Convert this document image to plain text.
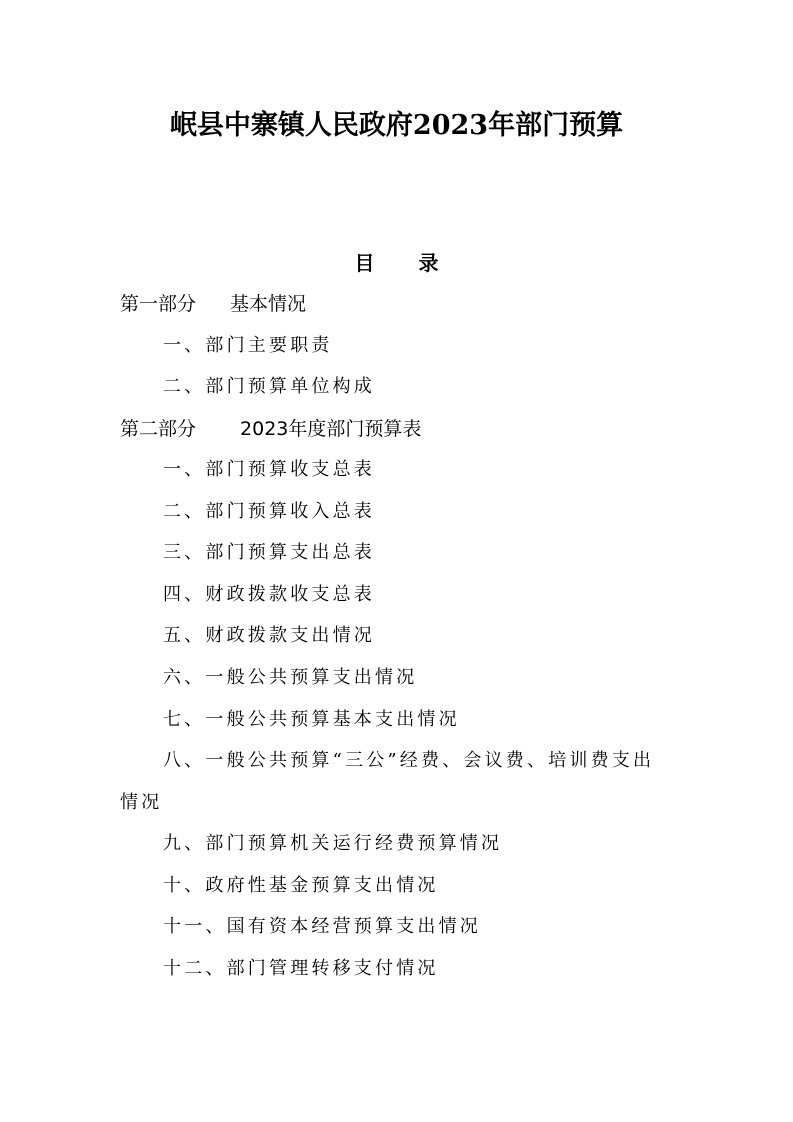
岷县中寨镇人民政府2023年部门预算
目 录
第一部分 基本情况
一、部门主要职责
二、部门预算单位构成
第二部分 2023年度部门预算表
一、部门预算收支总表
二、部门预算收入总表
三、部门预算支出总表
四、财政拨款收支总表
五、财政拨款支出情况
六、一般公共预算支出情况
七、一般公共预算基本支出情况
八、一般公共预算“三公”经费、会议费、培训费支出
情况
九、部门预算机关运行经费预算情况
十、政府性基金预算支出情况
十一、国有资本经营预算支出情况
十二、部门管理转移支付情况
